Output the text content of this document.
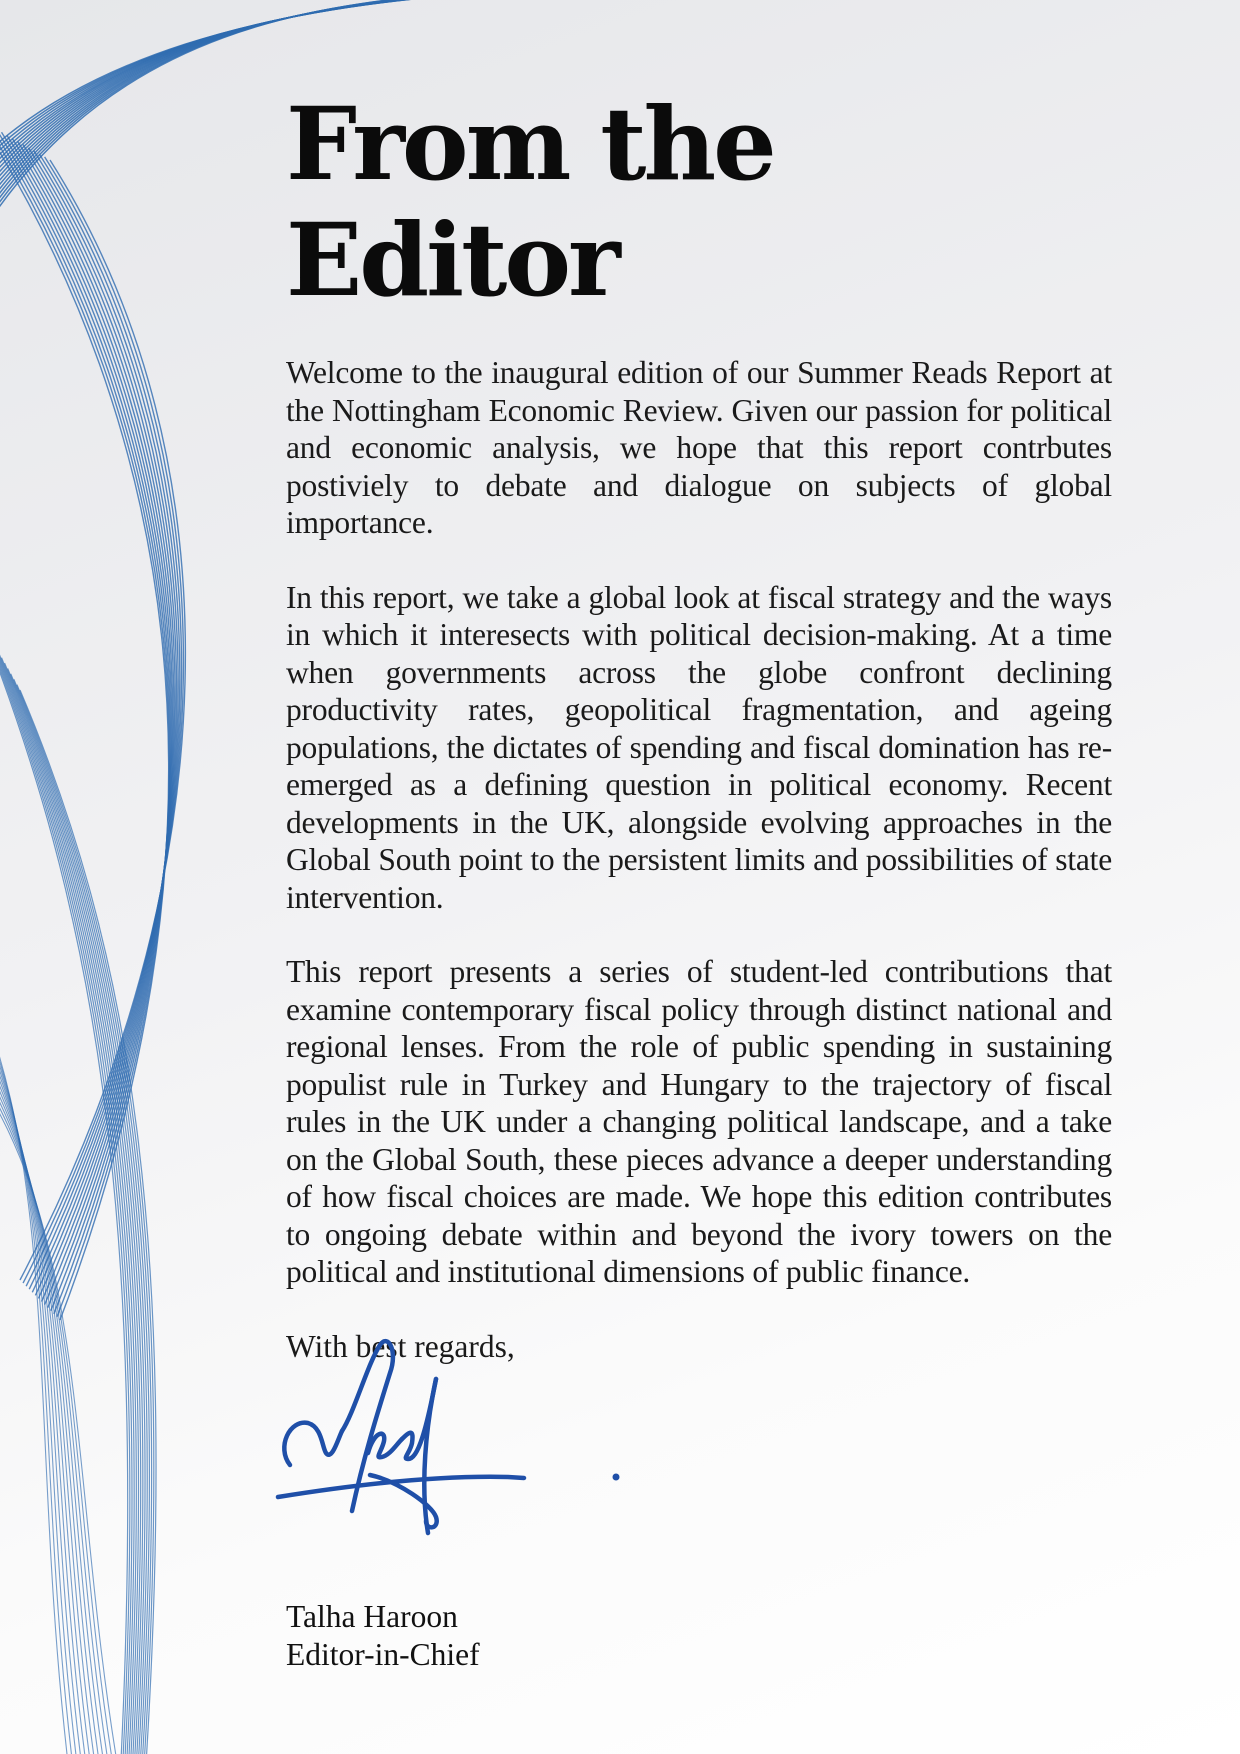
From the Editor

Welcome to the inaugural edition of our Summer Reads Report at the Nottingham Economic Review. Given our passion for political and economic analysis, we hope that this report contrbutes postiviely to debate and dialogue on subjects of global importance.

In this report, we take a global look at fiscal strategy and the ways in which it interesects with political decision-making. At a time when governments across the globe confront declining productivity rates, geopolitical fragmentation, and ageing populations, the dictates of spending and fiscal domination has re-emerged as a defining question in political economy. Recent developments in the UK, alongside evolving approaches in the Global South point to the persistent limits and possibilities of state intervention.

This report presents a series of student-led contributions that examine contemporary fiscal policy through distinct national and regional lenses. From the role of public spending in sustaining populist rule in Turkey and Hungary to the trajectory of fiscal rules in the UK under a changing political landscape, and a take on the Global South, these pieces advance a deeper understanding of how fiscal choices are made. We hope this edition contributes to ongoing debate within and beyond the ivory towers on the political and institutional dimensions of public finance.

With best regards,

Talha Haroon

Editor-in-Chief
